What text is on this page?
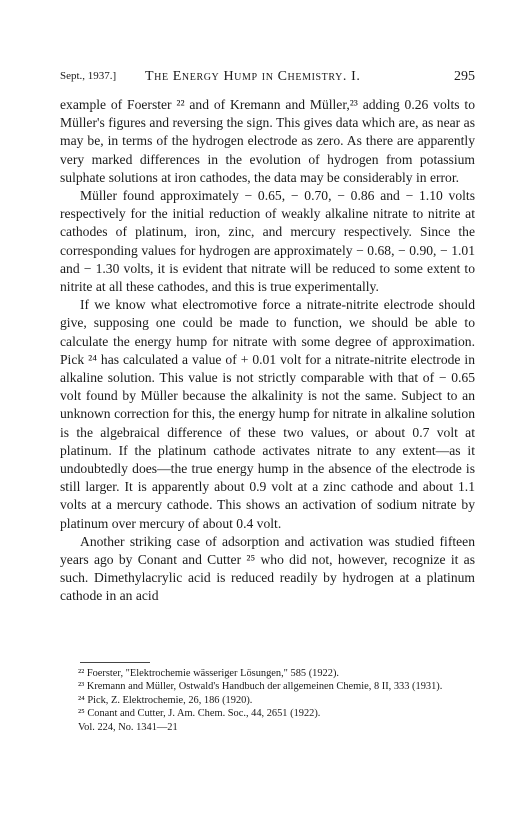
Sept., 1937.] The Energy Hump in Chemistry. I.	295

example of Foerster ²² and of Kremann and Müller,²³ adding 0.26 volts to Müller's figures and reversing the sign. This gives data which are, as near as may be, in terms of the hydrogen electrode as zero. As there are apparently very marked differences in the evolution of hydrogen from potassium sulphate solutions at iron cathodes, the data may be considerably in error.

Müller found approximately − 0.65, − 0.70, − 0.86 and − 1.10 volts respectively for the initial reduction of weakly alkaline nitrate to nitrite at cathodes of platinum, iron, zinc, and mercury respectively. Since the corresponding values for hydrogen are approximately − 0.68, − 0.90, − 1.01 and − 1.30 volts, it is evident that nitrate will be reduced to some extent to nitrite at all these cathodes, and this is true experimentally.

If we know what electromotive force a nitrate-nitrite electrode should give, supposing one could be made to function, we should be able to calculate the energy hump for nitrate with some degree of approximation. Pick ²⁴ has calculated a value of + 0.01 volt for a nitrate-nitrite electrode in alkaline solution. This value is not strictly comparable with that of − 0.65 volt found by Müller because the alkalinity is not the same. Subject to an unknown correction for this, the energy hump for nitrate in alkaline solution is the algebraical difference of these two values, or about 0.7 volt at platinum. If the platinum cathode activates nitrate to any extent—as it undoubtedly does—the true energy hump in the absence of the electrode is still larger. It is apparently about 0.9 volt at a zinc cathode and about 1.1 volts at a mercury cathode. This shows an activation of sodium nitrate by platinum over mercury of about 0.4 volt.

Another striking case of adsorption and activation was studied fifteen years ago by Conant and Cutter ²⁵ who did not, however, recognize it as such. Dimethylacrylic acid is reduced readily by hydrogen at a platinum cathode in an acid

²² Foerster, "Elektrochemie wässeriger Lösungen," 585 (1922).

²³ Kremann and Müller, Ostwald's Handbuch der allgemeinen Chemie, 8 II, 333 (1931).

²⁴ Pick, Z. Elektrochemie, 26, 186 (1920).

²⁵ Conant and Cutter, J. Am. Chem. Soc., 44, 2651 (1922).

Vol. 224, No. 1341—21
